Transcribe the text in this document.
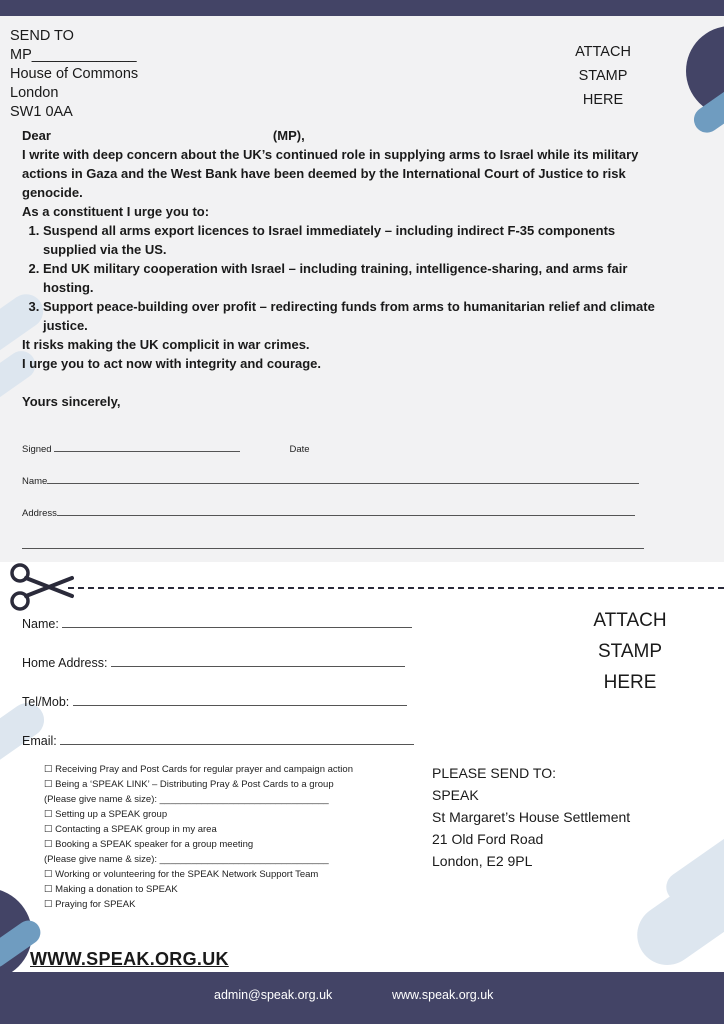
SEND TO
MP_____________
House of Commons
London
SW1 0AA
ATTACH
STAMP
HERE

Dear	(MP),

I write with deep concern about the UK’s continued role in supplying arms to Israel while its military actions in Gaza and the West Bank have been deemed by the International Court of Justice to risk genocide.

As a constituent I urge you to:

1. Suspend all arms export licences to Israel immediately – including indirect F-35 components supplied via the US.
2. End UK military cooperation with Israel – including training, intelligence-sharing, and arms fair hosting.
3. Support peace-building over profit – redirecting funds from arms to humanitarian relief and climate justice.

It risks making the UK complicit in war crimes.

I urge you to act now with integrity and courage.

Yours sincerely,

Signed	Date
Name
Address
Name:
Home Address:
Tel/Mob:
Email:
ATTACH
STAMP
HERE
☐ Receiving Pray and Post Cards for regular prayer and campaign action
☐ Being a ‘SPEAK LINK’ – Distributing Pray & Post Cards to a group
(Please give name & size): ________________________________
☐ Setting up a SPEAK group
☐ Contacting a SPEAK group in my area
☐ Booking a SPEAK speaker for a group meeting
(Please give name & size): ________________________________
☐ Working or volunteering for the SPEAK Network Support Team
☐ Making a donation to SPEAK
☐ Praying for SPEAK
PLEASE SEND TO:
SPEAK
St Margaret’s House Settlement
21 Old Ford Road
London, E2 9PL
WWW.SPEAK.ORG.UK
admin@speak.org.uk	www.speak.org.uk
